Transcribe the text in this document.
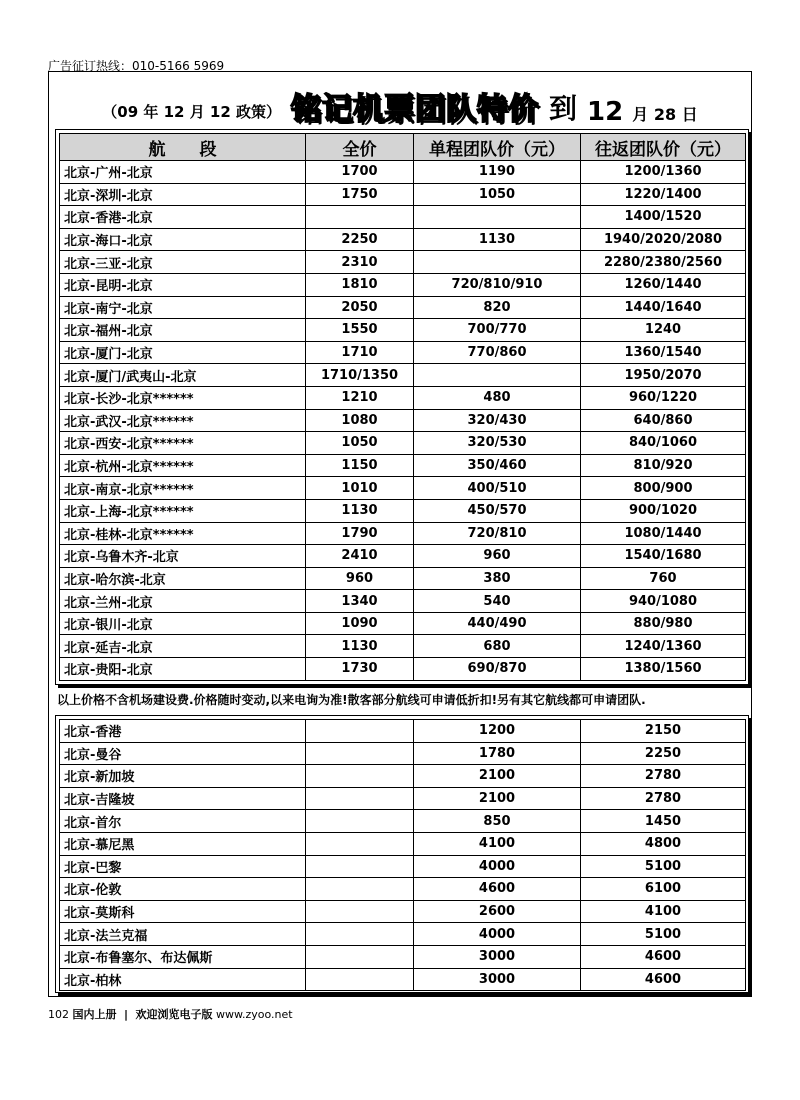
广告征订热线：010-5166 5969
（09 年 12 月 12 政策） 铭记机票团队特价 到 12 月 28 日
航　　段	全价	单程团队价（元）	往返团队价（元）
北京-广州-北京	1700	1190	1200/1360
北京-深圳-北京	1750	1050	1220/1400
北京-香港-北京			1400/1520
北京-海口-北京	2250	1130	1940/2020/2080
北京-三亚-北京	2310		2280/2380/2560
北京-昆明-北京	1810	720/810/910	1260/1440
北京-南宁-北京	2050	820	1440/1640
北京-福州-北京	1550	700/770	1240
北京-厦门-北京	1710	770/860	1360/1540
北京-厦门/武夷山-北京	1710/1350		1950/2070
北京-长沙-北京******	1210	480	960/1220
北京-武汉-北京******	1080	320/430	640/860
北京-西安-北京******	1050	320/530	840/1060
北京-杭州-北京******	1150	350/460	810/920
北京-南京-北京******	1010	400/510	800/900
北京-上海-北京******	1130	450/570	900/1020
北京-桂林-北京******	1790	720/810	1080/1440
北京-乌鲁木齐-北京	2410	960	1540/1680
北京-哈尔滨-北京	960	380	760
北京-兰州-北京	1340	540	940/1080
北京-银川-北京	1090	440/490	880/980
北京-延吉-北京	1130	680	1240/1360
北京-贵阳-北京	1730	690/870	1380/1560
以上价格不含机场建设费.价格随时变动,以来电询为准!散客部分航线可申请低折扣!另有其它航线都可申请团队.
北京-香港		1200	2150
北京-曼谷		1780	2250
北京-新加坡		2100	2780
北京-吉隆坡		2100	2780
北京-首尔		850	1450
北京-慕尼黑		4100	4800
北京-巴黎		4000	5100
北京-伦敦		4600	6100
北京-莫斯科		2600	4100
北京-法兰克福		4000	5100
北京-布鲁塞尔、布达佩斯		3000	4600
北京-柏林		3000	4600
102 国内上册 | 欢迎浏览电子版 www.zyoo.net
